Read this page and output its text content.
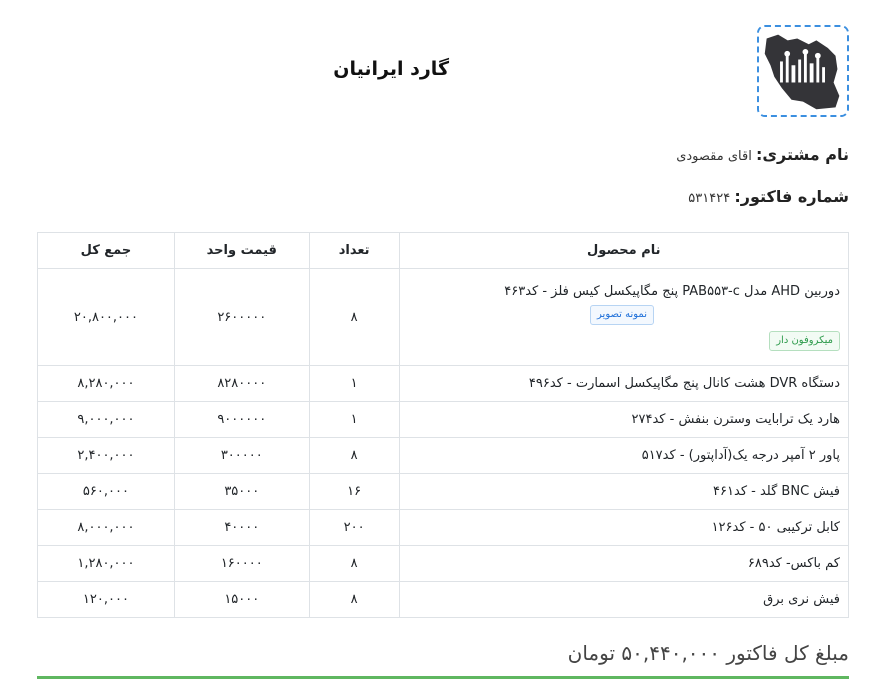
گارد ایرانیان
نام مشتری: اقای مقصودی
شماره فاکتور: ۵۳۱۴۲۴
نام محصول	تعداد	قیمت واحد	جمع کل

دوربین AHD مدل PAB۵۵۳-c پنج مگاپیکسل کیس فلز - کد۴۶۳
نمونه تصویر
میکروفون دار	۸	۲۶۰۰۰۰۰	۲۰,۸۰۰,۰۰۰
دستگاه DVR هشت کانال پنج مگاپیکسل اسمارت - کد۴۹۶	۱	۸۲۸۰۰۰۰	۸,۲۸۰,۰۰۰
هارد یک ترابایت وسترن بنفش - کد۲۷۴	۱	۹۰۰۰۰۰۰	۹,۰۰۰,۰۰۰
پاور ۲ آمپر درجه یک(آداپتور) - کد۵۱۷	۸	۳۰۰۰۰۰	۲,۴۰۰,۰۰۰
فیش BNC گلد - کد۴۶۱	۱۶	۳۵۰۰۰	۵۶۰,۰۰۰
کابل ترکیبی ۵۰ - کد۱۲۶	۲۰۰	۴۰۰۰۰	۸,۰۰۰,۰۰۰
کم باکس- کد۶۸۹	۸	۱۶۰۰۰۰	۱,۲۸۰,۰۰۰
فیش نری برق	۸	۱۵۰۰۰	۱۲۰,۰۰۰
مبلغ کل فاکتور ۵۰,۴۴۰,۰۰۰ تومان
